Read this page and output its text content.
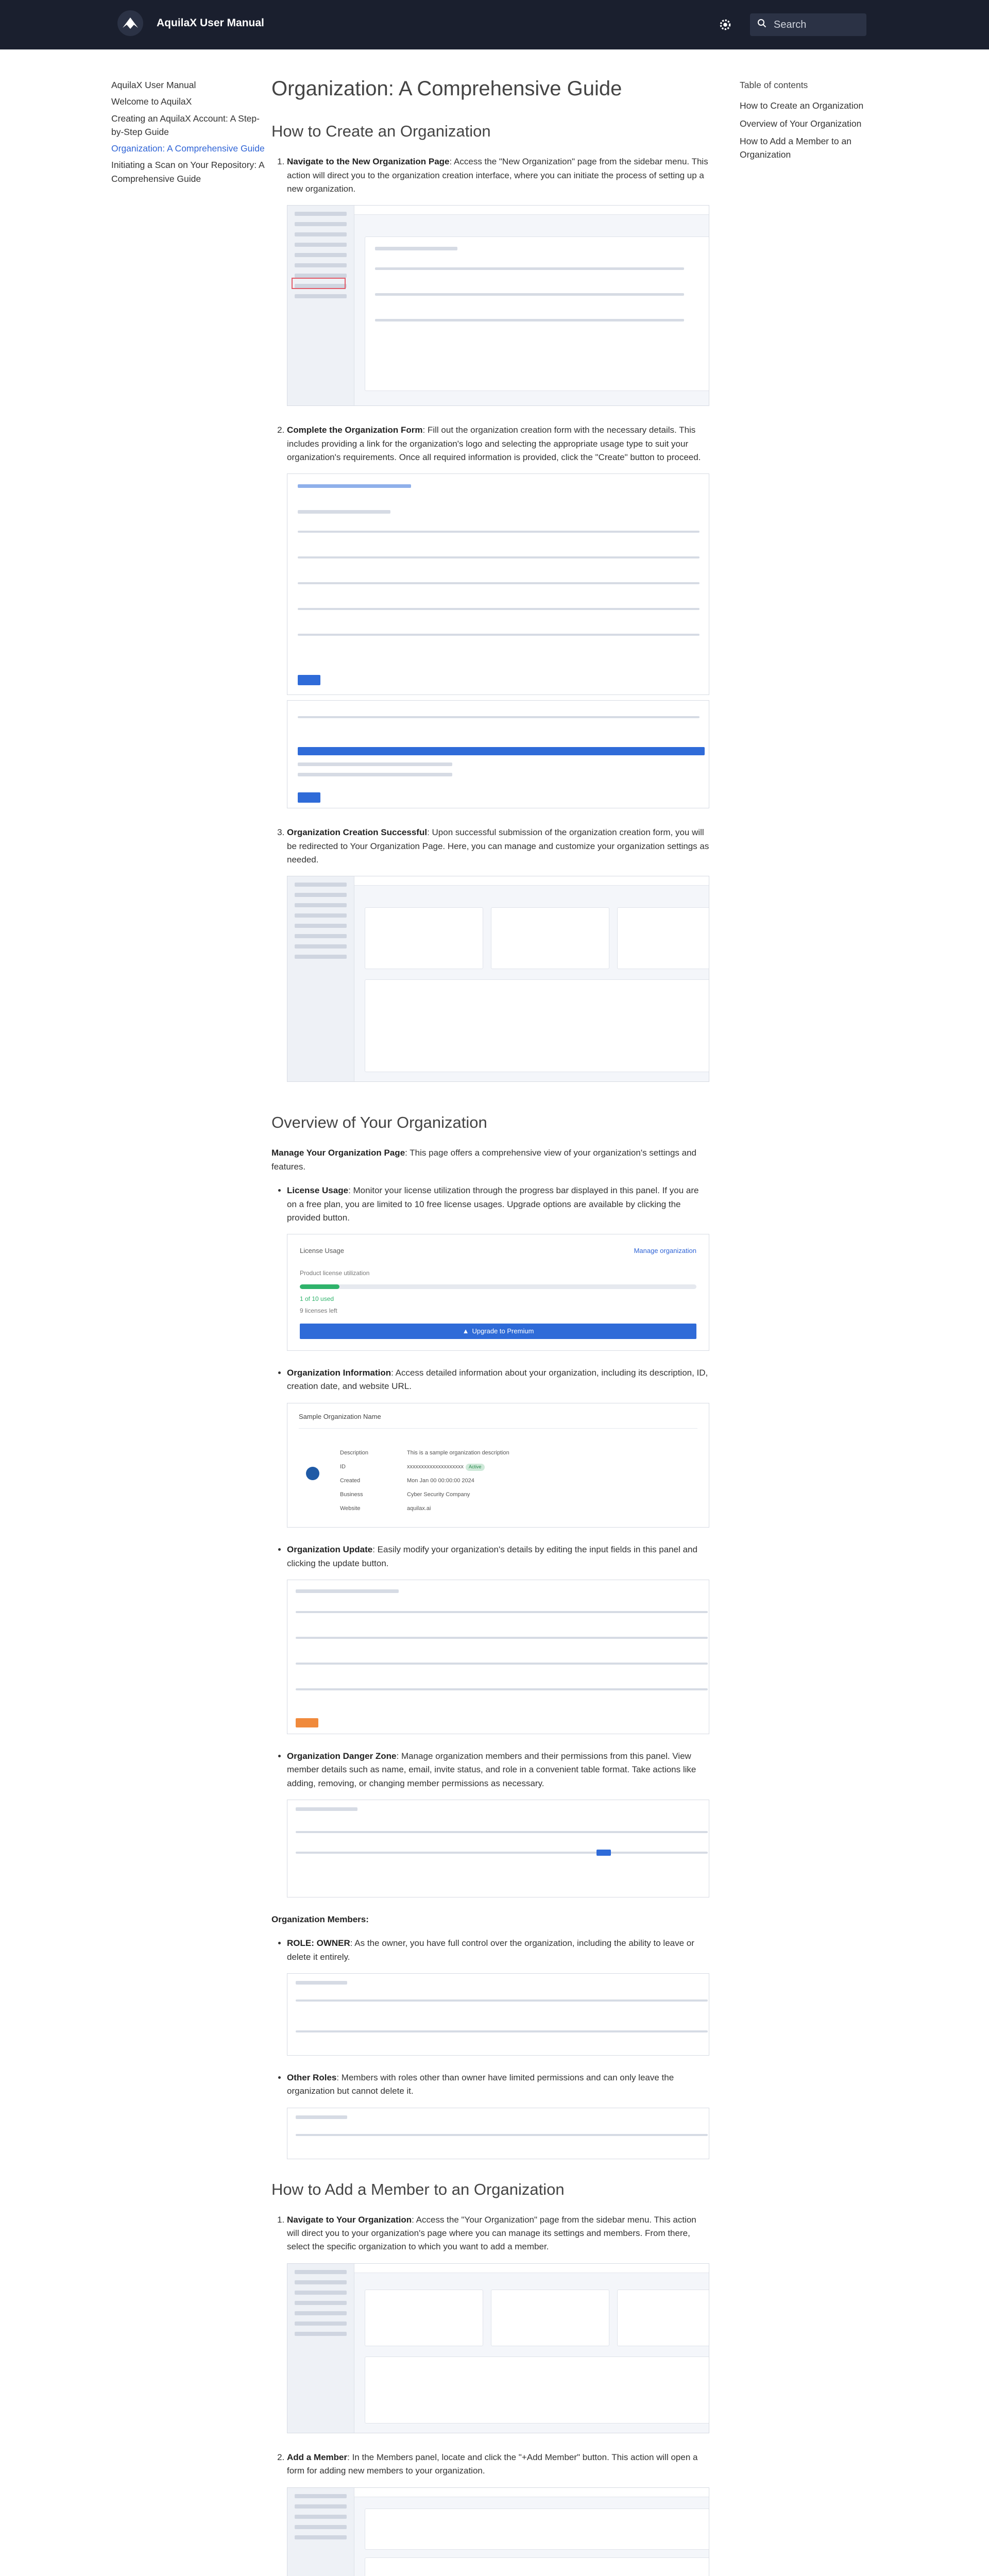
AquilaX User Manual	Search
AquilaX User Manual
Welcome to AquilaX
Creating an AquilaX Account: A Step-by-Step Guide
Organization: A Comprehensive Guide
Initiating a Scan on Your Repository: A Comprehensive Guide
Table of contents
How to Create an Organization
Overview of Your Organization
How to Add a Member to an Organization
Organization: A Comprehensive Guide
How to Create an Organization
1. Navigate to the New Organization Page: Access the "New Organization" page from the sidebar menu. This action will direct you to the organization creation interface, where you can initiate the process of setting up a new organization.
2. Complete the Organization Form: Fill out the organization creation form with the necessary details. This includes providing a link for the organization's logo and selecting the appropriate usage type to suit your organization's requirements. Once all required information is provided, click the "Create" button to proceed.
3. Organization Creation Successful: Upon successful submission of the organization creation form, you will be redirected to Your Organization Page. Here, you can manage and customize your organization settings as needed.
Overview of Your Organization

Manage Your Organization Page: This page offers a comprehensive view of your organization's settings and features.

• License Usage: Monitor your license utilization through the progress bar displayed in this panel. If you are on a free plan, you are limited to 10 free license usages. Upgrade options are available by clicking the provided button.
License Usage	Manage organization
Product license utilization
1 of 10 used
9 licenses left
▲ Upgrade to Premium
• Organization Information: Access detailed information about your organization, including its description, ID, creation date, and website URL.
Sample Organization Name
Description	This is a sample organization description
ID	xxxxxxxxxxxxxxxxxxxx Active
Created	Mon Jan 00 00:00:00 2024
Business	Cyber Security Company
Website	aquilax.ai
• Organization Update: Easily modify your organization's details by editing the input fields in this panel and clicking the update button.
• Organization Danger Zone: Manage organization members and their permissions from this panel. View member details such as name, email, invite status, and role in a convenient table format. Take actions like adding, removing, or changing member permissions as necessary.

Organization Members:

• ROLE: OWNER: As the owner, you have full control over the organization, including the ability to leave or delete it entirely.
• Other Roles: Members with roles other than owner have limited permissions and can only leave the organization but cannot delete it.
How to Add a Member to an Organization
1. Navigate to Your Organization: Access the "Your Organization" page from the sidebar menu. This action will direct you to your organization's page where you can manage its settings and members. From there, select the specific organization to which you want to add a member.
2. Add a Member: In the Members panel, locate and click the "+Add Member" button. This action will open a form for adding new members to your organization.
